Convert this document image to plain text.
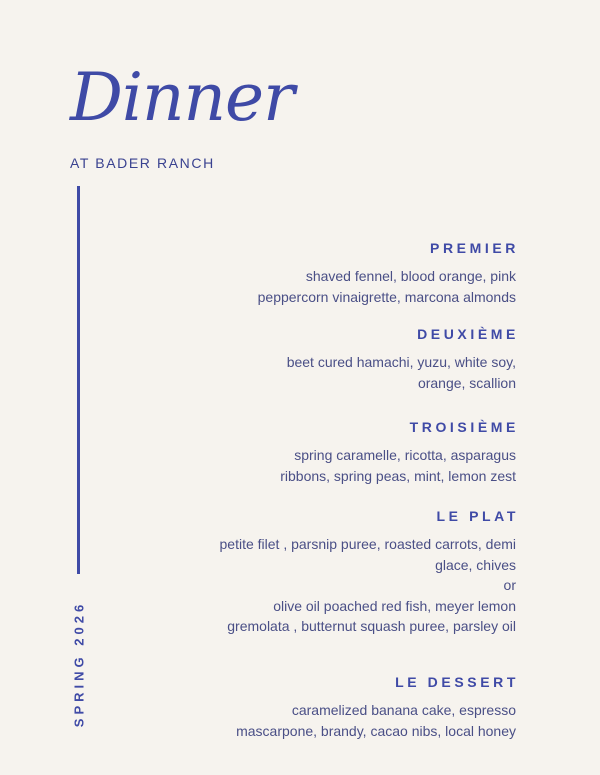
Dinner
AT BADER RANCH
SPRING 2026
PREMIER
shaved fennel, blood orange, pink
peppercorn vinaigrette, marcona almonds
DEUXIÈME
beet cured hamachi, yuzu, white soy,
orange, scallion
TROISIÈME
spring caramelle, ricotta, asparagus
ribbons, spring peas, mint, lemon zest
LE PLAT
petite filet , parsnip puree, roasted carrots, demi
glace, chives
or
olive oil poached red fish, meyer lemon
gremolata , butternut squash puree, parsley oil
LE DESSERT
caramelized banana cake, espresso
mascarpone, brandy, cacao nibs, local honey
